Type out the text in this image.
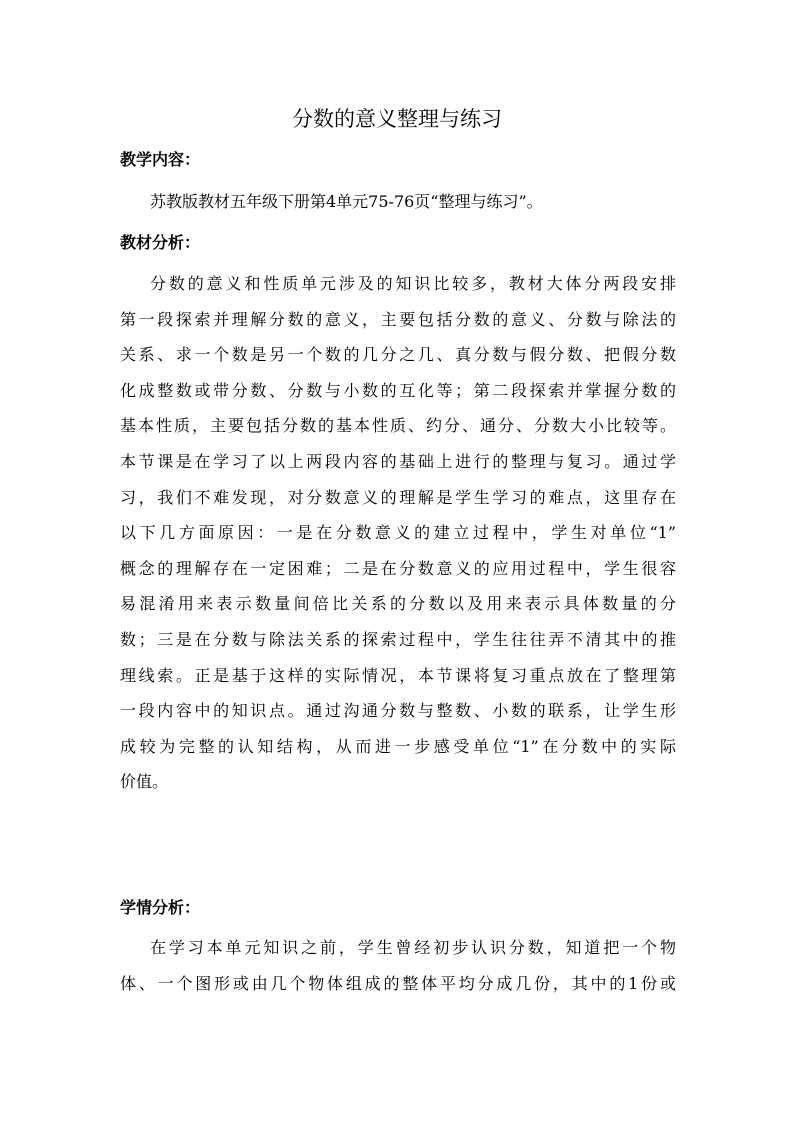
分数的意义整理与练习
教学内容：
苏教版教材五年级下册第4单元75-76页“整理与练习”。
教材分析：
分数的意义和性质单元涉及的知识比较多，教材大体分两段安排
第一段探索并理解分数的意义，主要包括分数的意义、分数与除法的
关系、求一个数是另一个数的几分之几、真分数与假分数、把假分数
化成整数或带分数、分数与小数的互化等；第二段探索并掌握分数的
基本性质，主要包括分数的基本性质、约分、通分、分数大小比较等。
本节课是在学习了以上两段内容的基础上进行的整理与复习。通过学
习，我们不难发现，对分数意义的理解是学生学习的难点，这里存在
以下几方面原因：一是在分数意义的建立过程中，学生对单位“1”
概念的理解存在一定困难；二是在分数意义的应用过程中，学生很容
易混淆用来表示数量间倍比关系的分数以及用来表示具体数量的分
数；三是在分数与除法关系的探索过程中，学生往往弄不清其中的推
理线索。正是基于这样的实际情况，本节课将复习重点放在了整理第
一段内容中的知识点。通过沟通分数与整数、小数的联系，让学生形
成较为完整的认知结构，从而进一步感受单位“1”在分数中的实际
价值。
学情分析：
在学习本单元知识之前，学生曾经初步认识分数，知道把一个物
体、一个图形或由几个物体组成的整体平均分成几份，其中的1份或
